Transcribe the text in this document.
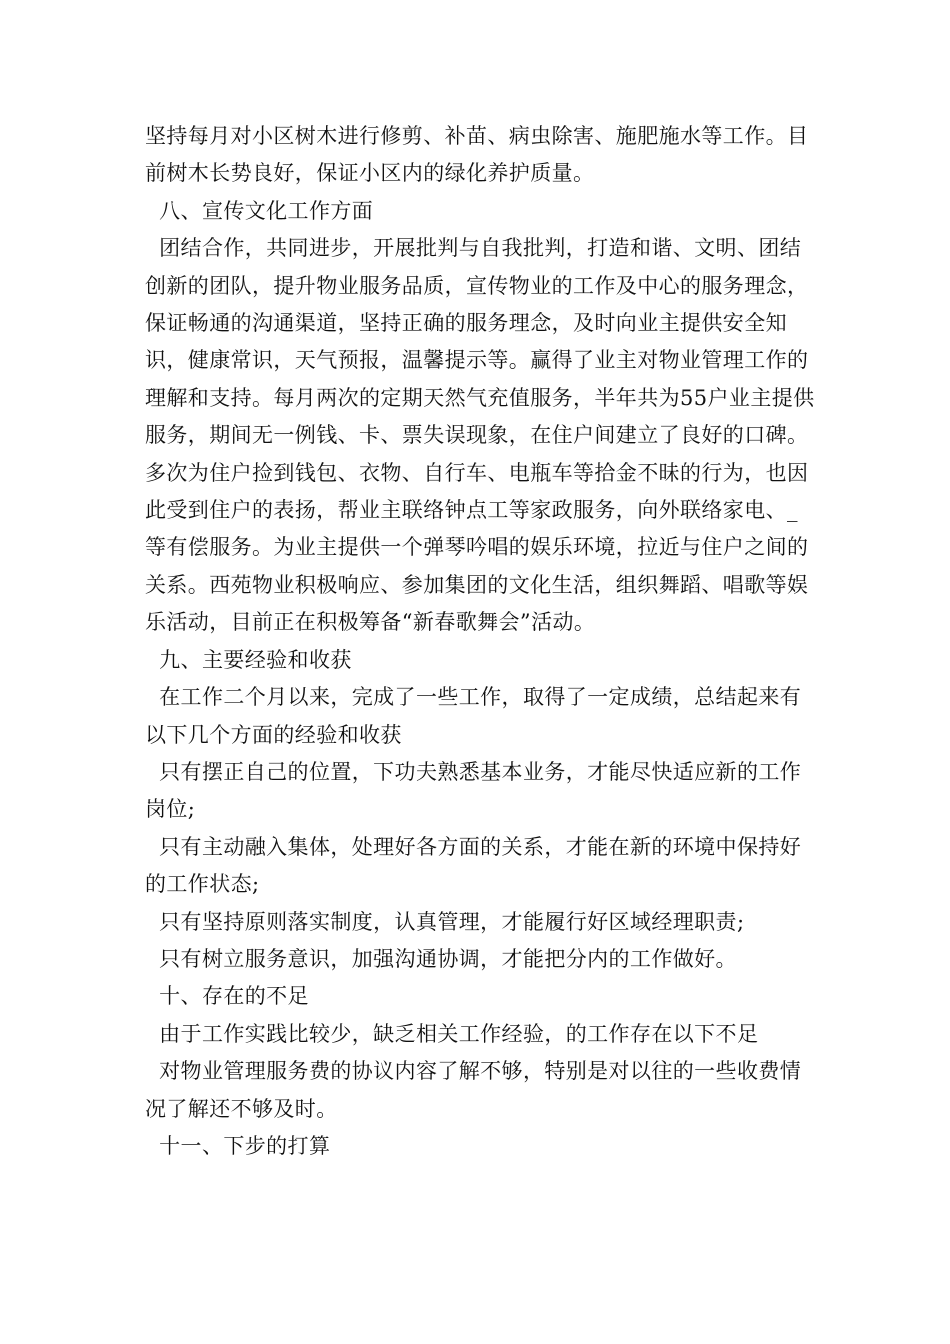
坚持每月对小区树木进行修剪、补苗、病虫除害、施肥施水等工作。目前树木长势良好，保证小区内的绿化养护质量。

八、宣传文化工作方面

团结合作，共同进步，开展批判与自我批判，打造和谐、文明、团结创新的团队，提升物业服务品质，宣传物业的工作及中心的服务理念，保证畅通的沟通渠道，坚持正确的服务理念，及时向业主提供安全知识，健康常识，天气预报，温馨提示等。赢得了业主对物业管理工作的理解和支持。每月两次的定期天然气充值服务，半年共为55户业主提供服务，期间无一例钱、卡、票失误现象，在住户间建立了良好的口碑。多次为住户捡到钱包、衣物、自行车、电瓶车等拾金不昧的行为，也因此受到住户的表扬，帮业主联络钟点工等家政服务，向外联络家电、_等有偿服务。为业主提供一个弹琴吟唱的娱乐环境，拉近与住户之间的关系。西苑物业积极响应、参加集团的文化生活，组织舞蹈、唱歌等娱乐活动，目前正在积极筹备“新春歌舞会”活动。

九、主要经验和收获

在工作二个月以来，完成了一些工作，取得了一定成绩，总结起来有以下几个方面的经验和收获

只有摆正自己的位置，下功夫熟悉基本业务，才能尽快适应新的工作岗位;

只有主动融入集体，处理好各方面的关系，才能在新的环境中保持好的工作状态;

只有坚持原则落实制度，认真管理，才能履行好区域经理职责;

只有树立服务意识，加强沟通协调，才能把分内的工作做好。

十、存在的不足

由于工作实践比较少，缺乏相关工作经验，的工作存在以下不足

对物业管理服务费的协议内容了解不够，特别是对以往的一些收费情况了解还不够及时。

十一、下步的打算
